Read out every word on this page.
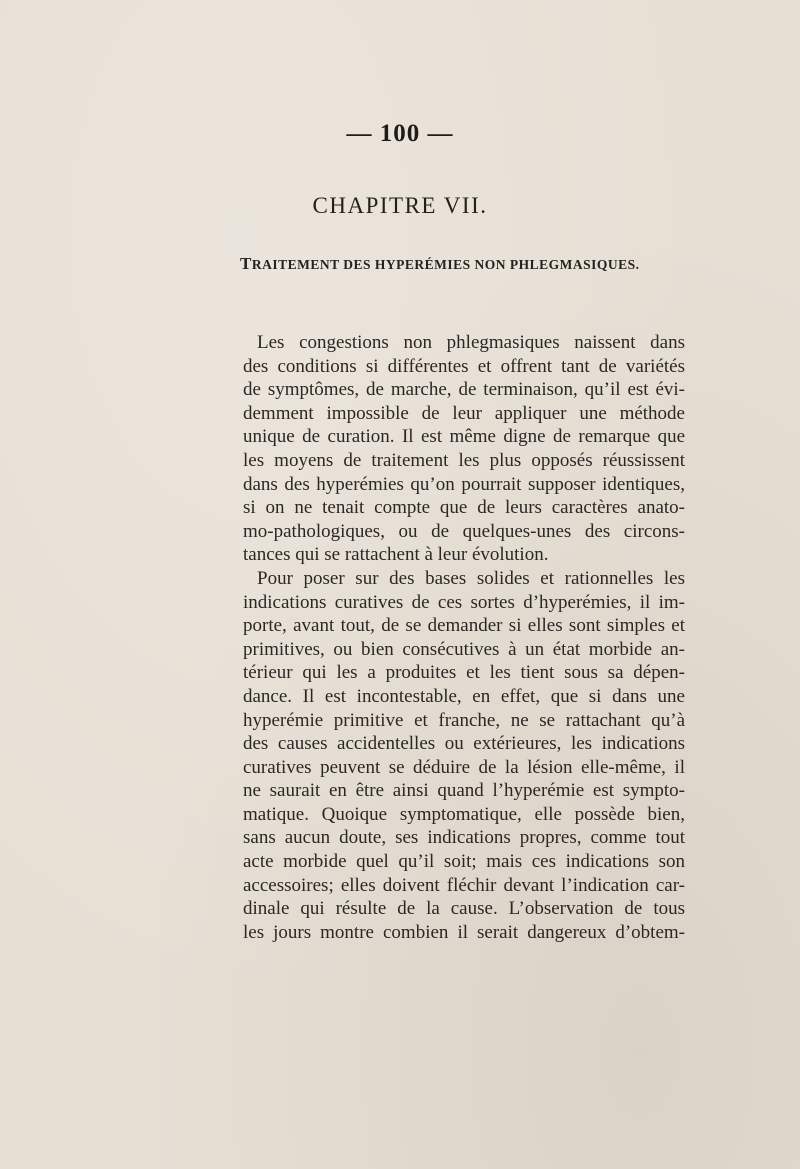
— 100 —
CHAPITRE VII.
TRAITEMENT DES HYPERÉMIES NON PHLEGMASIQUES.
Les congestions non phlegmasiques naissent dans
des conditions si différentes et offrent tant de variétés
de symptômes, de marche, de terminaison, qu’il est évi-
demment impossible de leur appliquer une méthode
unique de curation. Il est même digne de remarque que
les moyens de traitement les plus opposés réussissent
dans des hyperémies qu’on pourrait supposer identiques,
si on ne tenait compte que de leurs caractères anato-
mo-pathologiques, ou de quelques-unes des circons-
tances qui se rattachent à leur évolution.
Pour poser sur des bases solides et rationnelles les
indications curatives de ces sortes d’hyperémies, il im-
porte, avant tout, de se demander si elles sont simples et
primitives, ou bien consécutives à un état morbide an-
térieur qui les a produites et les tient sous sa dépen-
dance. Il est incontestable, en effet, que si dans une
hyperémie primitive et franche, ne se rattachant qu’à
des causes accidentelles ou extérieures, les indications
curatives peuvent se déduire de la lésion elle-même, il
ne saurait en être ainsi quand l’hyperémie est sympto-
matique. Quoique symptomatique, elle possède bien,
sans aucun doute, ses indications propres, comme tout
acte morbide quel qu’il soit; mais ces indications son
accessoires; elles doivent fléchir devant l’indication car-
dinale qui résulte de la cause. L’observation de tous
les jours montre combien il serait dangereux d’obtem-
